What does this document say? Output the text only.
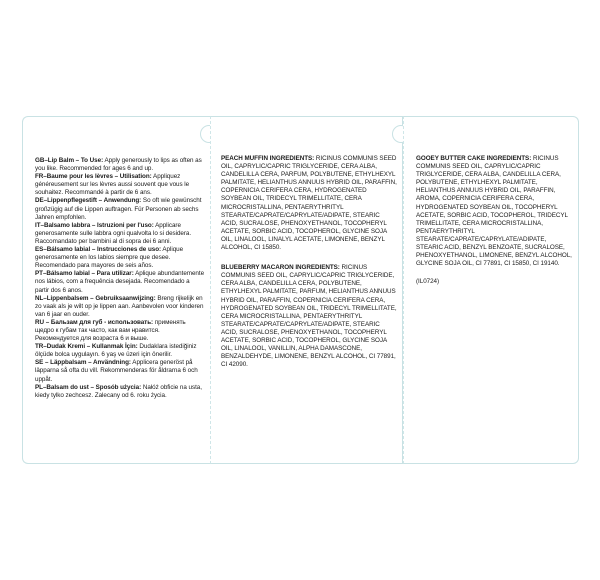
GB–Lip Balm – To Use: Apply generously to lips as often as you like. Recommended for ages 6 and up.

FR–Baume pour les lèvres – Utilisation: Appliquez généreusement sur les lèvres aussi souvent que vous le souhaitez. Recommandé à partir de 6 ans.

DE–Lippenpflegestift – Anwendung: So oft wie gewünscht großzügig auf die Lippen auftragen. Für Personen ab sechs Jahren empfohlen.

IT–Balsamo labbra – Istruzioni per l'uso: Applicare generosamente sulle labbra ogni qualvolta lo si desidera. Raccomandato per bambini al di sopra dei 6 anni.

ES–Bálsamo labial – Instrucciones de uso: Aplique generosamente en los labios siempre que desee. Recomendado para mayores de seis años.

PT–Bálsamo labial – Para utilizar: Aplique abundantemente nos lábios, com a frequência desejada. Recomendado a partir dos 6 anos.

NL–Lippenbalsem – Gebruiksaanwijzing: Breng rijkelijk en zo vaak als je wilt op je lippen aan. Aanbevolen voor kinderen van 6 jaar en ouder.

RU – Бальзам для губ - использовать: применять щедро к губам так часто, как вам нравится. Рекомендуется для возраста 6 и выше.

TR–Dudak Kremi – Kullanmak İçin: Dudaklara istediğiniz ölçüde bolca uygulayın. 6 yaş ve üzeri için önerilir.

SE – Läppbalsam – Användning: Applicera generöst på läpparna så ofta du vill. Rekommenderas för åldrarna 6 och uppåt.

PL–Balsam do ust – Sposób użycia: Nałóż obficie na usta, kiedy tylko zechcesz. Zalecany od 6. roku życia.

PEACH MUFFIN INGREDIENTS: RICINUS COMMUNIS SEED OIL, CAPRYLIC/CAPRIC TRIGLYCERIDE, CERA ALBA, CANDELILLA CERA, PARFUM, POLYBUTENE, ETHYLHEXYL PALMITATE, HELIANTHUS ANNUUS HYBRID OIL, PARAFFIN, COPERNICIA CERIFERA CERA, HYDROGENATED SOYBEAN OIL, TRIDECYL TRIMELLITATE, CERA MICROCRISTALLINA, PENTAERYTHRITYL STEARATE/CAPRATE/CAPRYLATE/ADIPATE, STEARIC ACID, SUCRALOSE, PHENOXYETHANOL, TOCOPHERYL ACETATE, SORBIC ACID, TOCOPHEROL, GLYCINE SOJA OIL, LINALOOL, LINALYL ACETATE, LIMONENE, BENZYL ALCOHOL, CI 15850.

BLUEBERRY MACARON INGREDIENTS: RICINUS COMMUNIS SEED OIL, CAPRYLIC/CAPRIC TRIGLYCERIDE, CERA ALBA, CANDELILLA CERA, POLYBUTENE, ETHYLHEXYL PALMITATE, PARFUM, HELIANTHUS ANNUUS HYBRID OIL, PARAFFIN, COPERNICIA CERIFERA CERA, HYDROGENATED SOYBEAN OIL, TRIDECYL TRIMELLITATE, CERA MICROCRISTALLINA, PENTAERYTHRITYL STEARATE/CAPRATE/CAPRYLATE/ADIPATE, STEARIC ACID, SUCRALOSE, PHENOXYETHANOL, TOCOPHERYL ACETATE, SORBIC ACID, TOCOPHEROL, GLYCINE SOJA OIL, LINALOOL, VANILLIN, ALPHA DAMASCONE, BENZALDEHYDE, LIMONENE, BENZYL ALCOHOL, CI 77891, CI 42090.

GOOEY BUTTER CAKE INGREDIENTS: RICINUS COMMUNIS SEED OIL, CAPRYLIC/CAPRIC TRIGLYCERIDE, CERA ALBA, CANDELILLA CERA, POLYBUTENE, ETHYLHEXYL PALMITATE, HELIANTHUS ANNUUS HYBRID OIL, PARAFFIN, AROMA, COPERNICIA CERIFERA CERA, HYDROGENATED SOYBEAN OIL, TOCOPHERYL ACETATE, SORBIC ACID, TOCOPHEROL, TRIDECYL TRIMELLITATE, CERA MICROCRISTALLINA, PENTAERYTHRITYL STEARATE/CAPRATE/CAPRYLATE/ADIPATE, STEARIC ACID, BENZYL BENZOATE, SUCRALOSE, PHENOXYETHANOL, LIMONENE, BENZYL ALCOHOL, GLYCINE SOJA OIL, CI 77891, CI 15850, CI 19140.

(IL0724)
